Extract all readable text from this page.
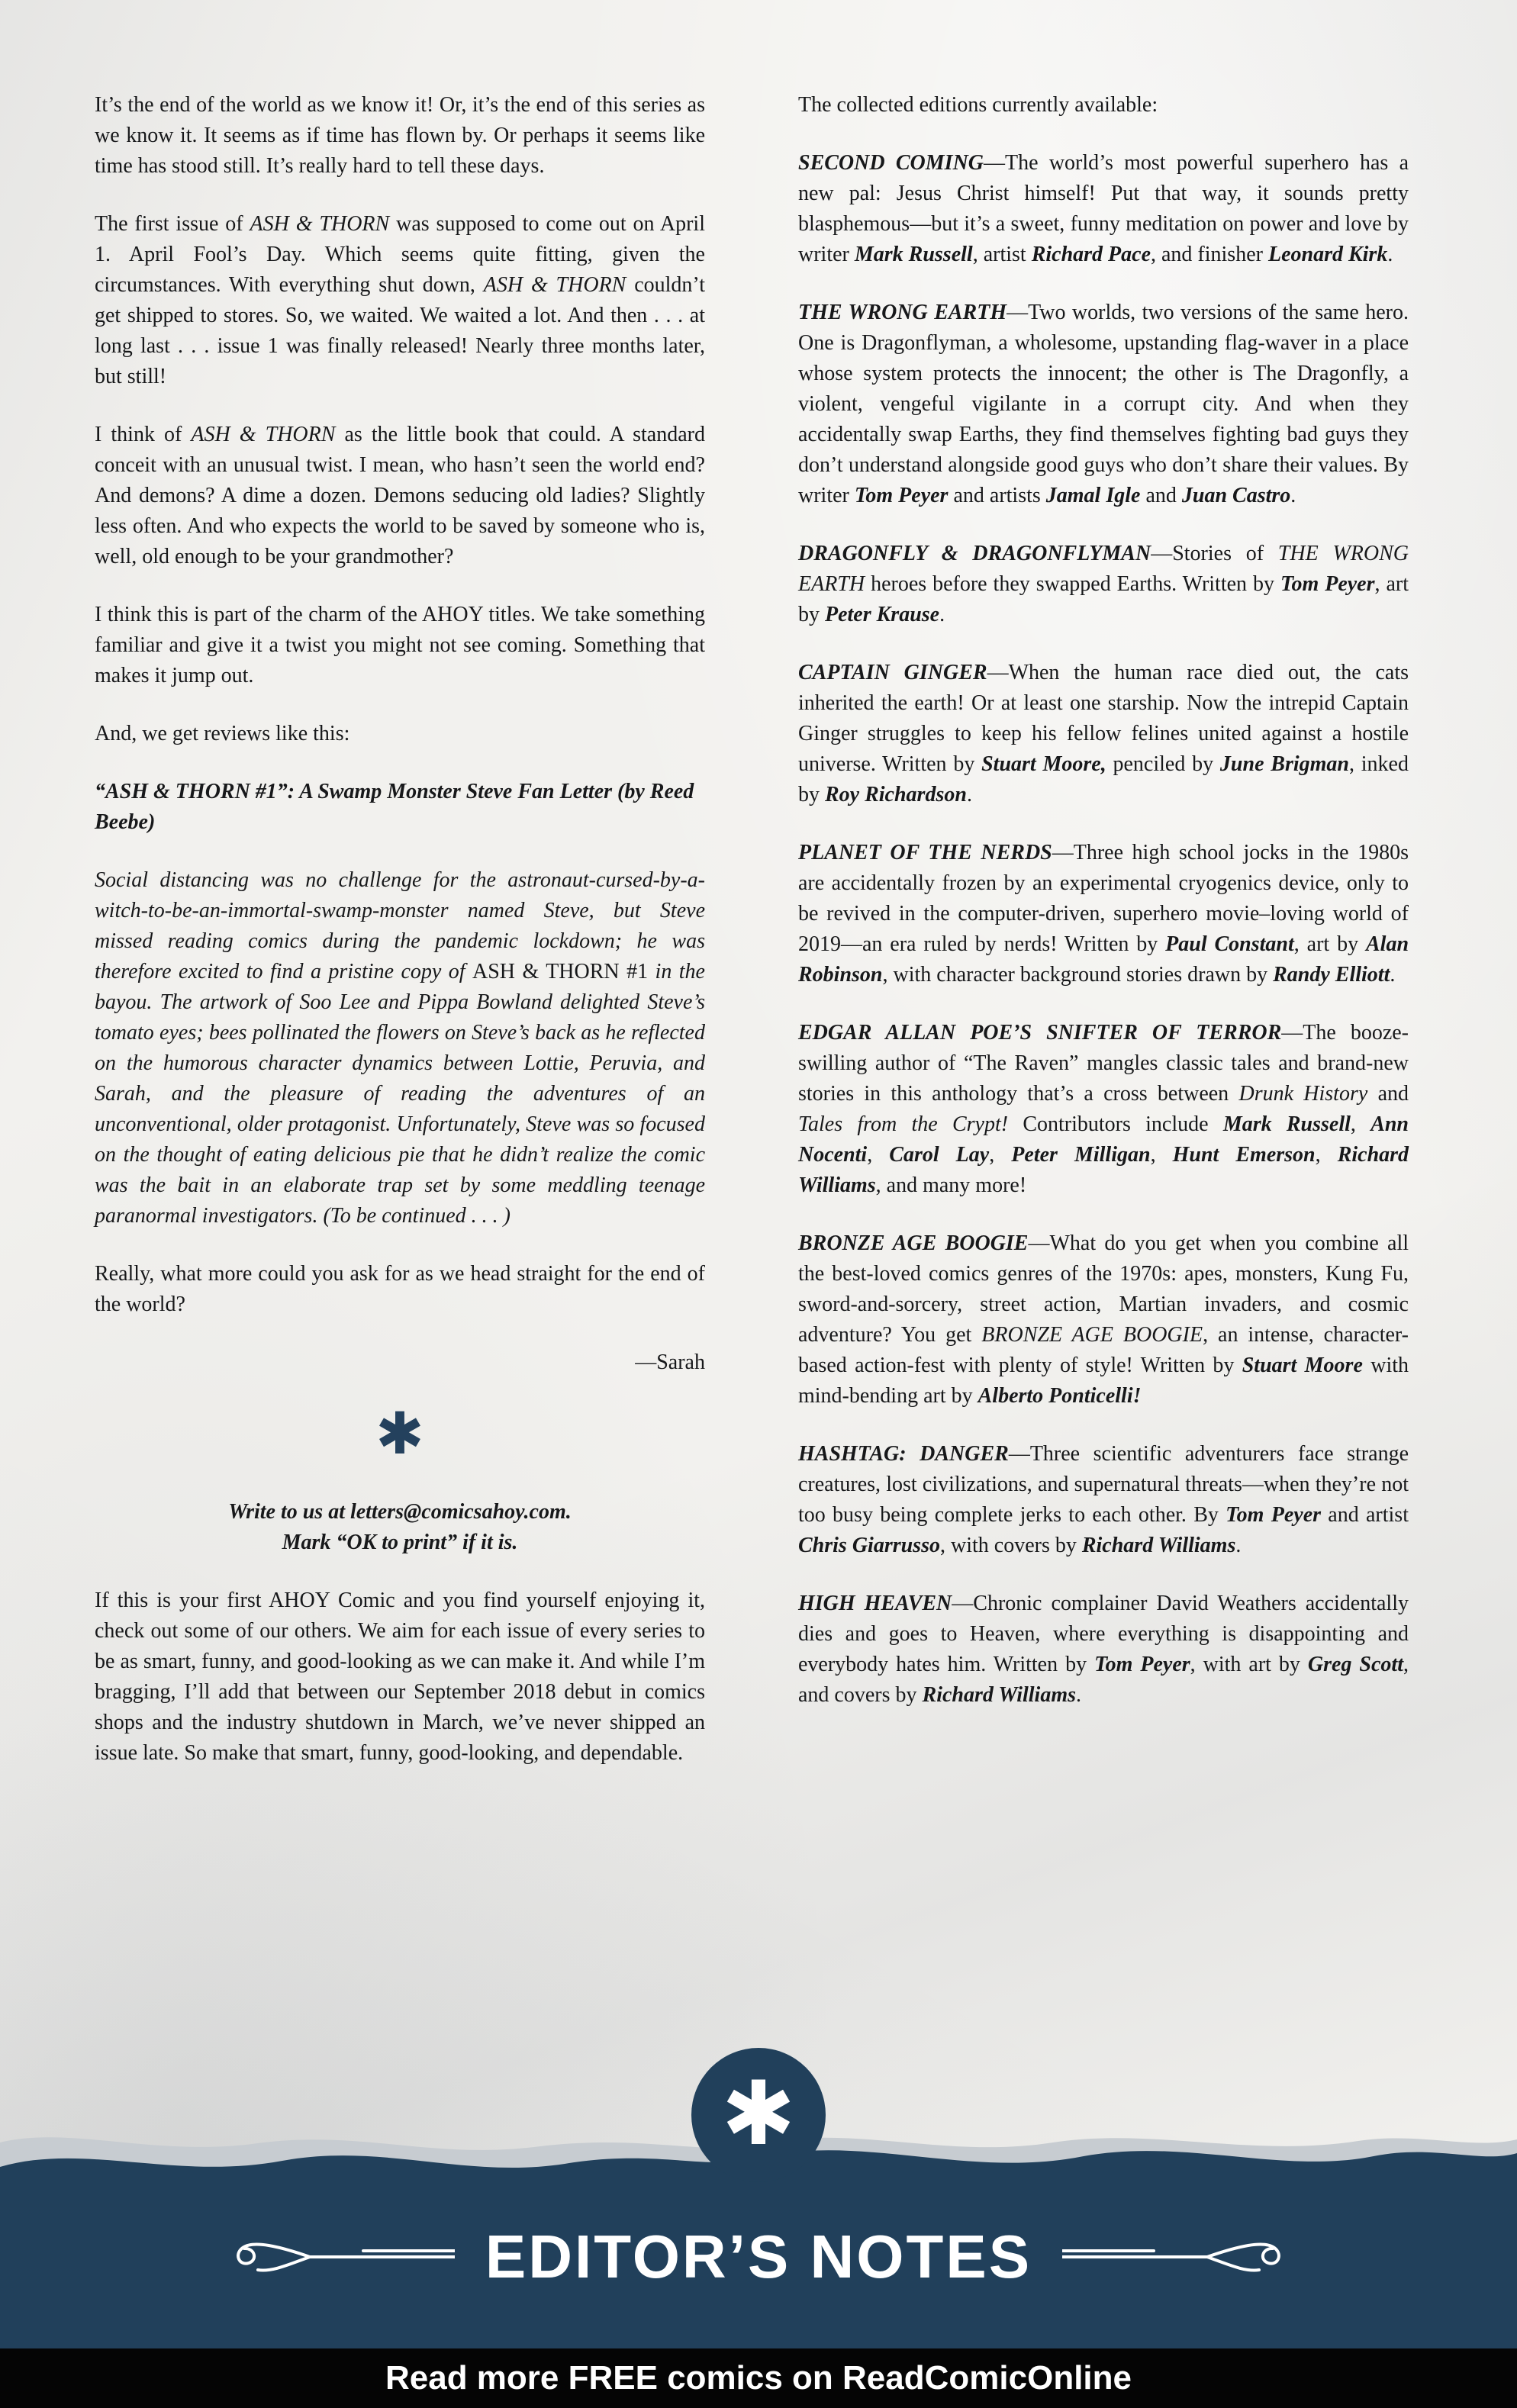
It’s the end of the world as we know it! Or, it’s the end of this series as we know it. It seems as if time has flown by. Or perhaps it seems like time has stood still. It’s really hard to tell these days.

The first issue of ASH & THORN was supposed to come out on April 1. April Fool’s Day. Which seems quite fitting, given the circumstances. With everything shut down, ASH & THORN couldn’t get shipped to stores. So, we waited. We waited a lot. And then . . . at long last . . . issue 1 was finally released! Nearly three months later, but still!

I think of ASH & THORN as the little book that could. A standard conceit with an unusual twist. I mean, who hasn’t seen the world end? And demons? A dime a dozen. Demons seducing old ladies? Slightly less often. And who expects the world to be saved by someone who is, well, old enough to be your grandmother?

I think this is part of the charm of the AHOY titles. We take something familiar and give it a twist you might not see coming. Something that makes it jump out.

And, we get reviews like this:

“ASH & THORN #1”: A Swamp Monster Steve Fan Letter (by Reed Beebe)

Social distancing was no challenge for the astronaut-cursed-by-a-witch-to-be-an-immortal-swamp-monster named Steve, but Steve missed reading comics during the pandemic lockdown; he was therefore excited to find a pristine copy of ASH & THORN #1 in the bayou. The artwork of Soo Lee and Pippa Bowland delighted Steve’s tomato eyes; bees pollinated the flowers on Steve’s back as he reflected on the humorous character dynamics between Lottie, Peruvia, and Sarah, and the pleasure of reading the adventures of an unconventional, older protagonist. Unfortunately, Steve was so focused on the thought of eating delicious pie that he didn’t realize the comic was the bait in an elaborate trap set by some meddling teenage paranormal investigators. (To be continued . . . )

Really, what more could you ask for as we head straight for the end of the world?

—Sarah

✱

Write to us at letters@comicsahoy.com.
Mark “OK to print” if it is.

If this is your first AHOY Comic and you find yourself enjoying it, check out some of our others. We aim for each issue of every series to be as smart, funny, and good-looking as we can make it. And while I’m bragging, I’ll add that between our September 2018 debut in comics shops and the industry shutdown in March, we’ve never shipped an issue late. So make that smart, funny, good-looking, and dependable.

The collected editions currently available:

SECOND COMING—The world’s most powerful superhero has a new pal: Jesus Christ himself! Put that way, it sounds pretty blasphemous—but it’s a sweet, funny meditation on power and love by writer Mark Russell, artist Richard Pace, and finisher Leonard Kirk.

THE WRONG EARTH—Two worlds, two versions of the same hero. One is Dragonflyman, a wholesome, upstanding flag-waver in a place whose system protects the innocent; the other is The Dragonfly, a violent, vengeful vigilante in a corrupt city. And when they accidentally swap Earths, they find themselves fighting bad guys they don’t understand alongside good guys who don’t share their values. By writer Tom Peyer and artists Jamal Igle and Juan Castro.

DRAGONFLY & DRAGONFLYMAN—Stories of THE WRONG EARTH heroes before they swapped Earths. Written by Tom Peyer, art by Peter Krause.

CAPTAIN GINGER—When the human race died out, the cats inherited the earth! Or at least one starship. Now the intrepid Captain Ginger struggles to keep his fellow felines united against a hostile universe. Written by Stuart Moore, penciled by June Brigman, inked by Roy Richardson.

PLANET OF THE NERDS—Three high school jocks in the 1980s are accidentally frozen by an experimental cryogenics device, only to be revived in the computer-driven, superhero movie–loving world of 2019—an era ruled by nerds! Written by Paul Constant, art by Alan Robinson, with character background stories drawn by Randy Elliott.

EDGAR ALLAN POE’S SNIFTER OF TERROR—The booze-swilling author of “The Raven” mangles classic tales and brand-new stories in this anthology that’s a cross between Drunk History and Tales from the Crypt! Contributors include Mark Russell, Ann Nocenti, Carol Lay, Peter Milligan, Hunt Emerson, Richard Williams, and many more!

BRONZE AGE BOOGIE—What do you get when you combine all the best-loved comics genres of the 1970s: apes, monsters, Kung Fu, sword-and-sorcery, street action, Martian invaders, and cosmic adventure? You get BRONZE AGE BOOGIE, an intense, character-based action-fest with plenty of style! Written by Stuart Moore with mind-bending art by Alberto Ponticelli!

HASHTAG: DANGER—Three scientific adventurers face strange creatures, lost civilizations, and supernatural threats—when they’re not too busy being complete jerks to each other. By Tom Peyer and artist Chris Giarrusso, with covers by Richard Williams.

HIGH HEAVEN—Chronic complainer David Weathers accidentally dies and goes to Heaven, where everything is disappointing and everybody hates him. Written by Tom Peyer, with art by Greg Scott, and covers by Richard Williams.

✱
EDITOR’S NOTES
Read more FREE comics on ReadComicOnline
